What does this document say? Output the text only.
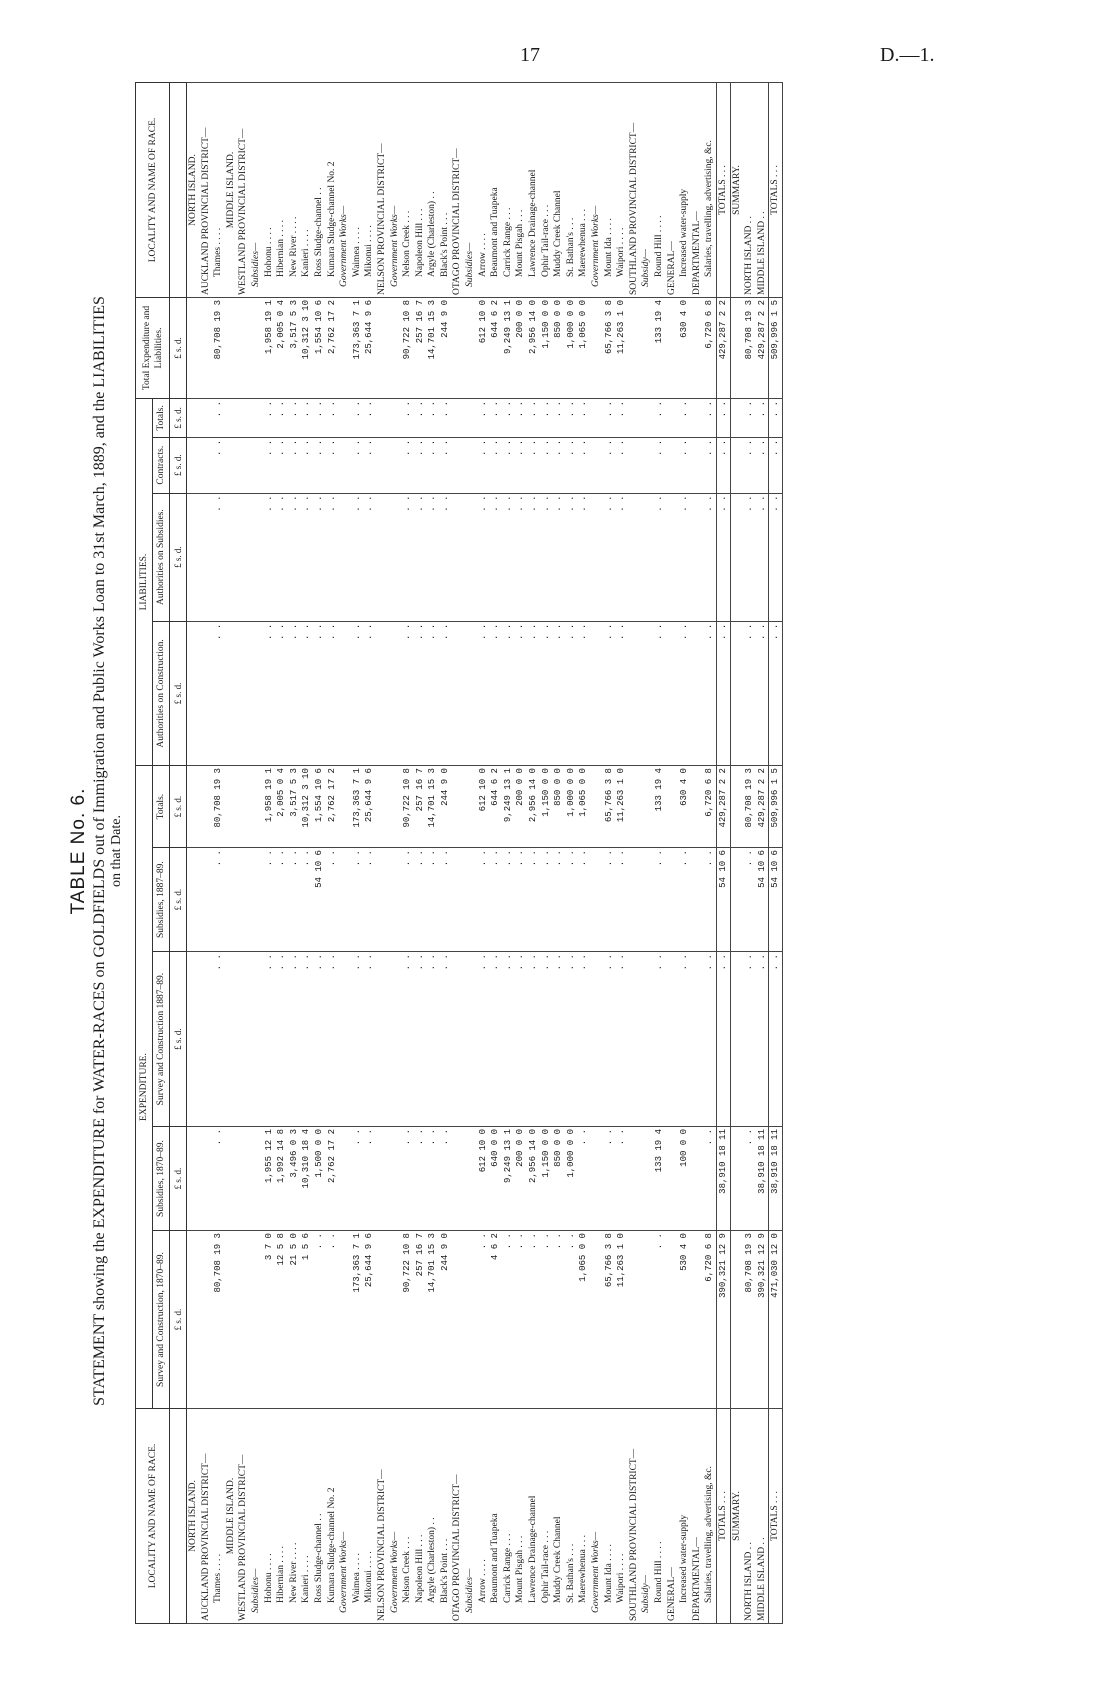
17	D.—1.
TABLE No. 6. STATEMENT showing the EXPENDITURE for WATER-RACES on GOLDFIELDS out of Immigration and Public Works Loan to 31st March, 1889, and the LIABILITIES on that Date.
LOCALITY AND NAME OF RACE.	EXPENDITURE.					LIABILITIES.				Total Expenditure and Liabilities.	LOCALITY AND NAME OF RACE.
	Survey and Construction, 1870–89.	Subsidies, 1870–89.	Survey and Construction 1887–89.	Subsidies, 1887–89.	Totals.	Authorities on Construction.	Authorities on Subsidies.	Contracts.	Totals.		
	£ s. d.	£ s. d.	£ s. d.	£ s. d.	£ s. d.	£ s. d.	£ s. d.	£ s. d.	£ s. d.	£ s. d.	
NORTH ISLAND.											NORTH ISLAND.
AUCKLAND PROVINCIAL DISTRICT—											AUCKLAND PROVINCIAL DISTRICT—
Thames . . . .	80,708 19 3	. .	. .	. .	80,708 19 3	. .	. .	. .	. .	80,708 19 3	Thames . . . .
MIDDLE ISLAND.											MIDDLE ISLAND.
WESTLAND PROVINCIAL DISTRICT—											WESTLAND PROVINCIAL DISTRICT—
Subsidies—											Subsidies—
Hohonu . . . .	3 7 0	1,955 12 1	. .	. .	1,958 19 1	. .	. .	. .	. .	1,958 19 1	Hohonu . . . .
Hibernian . . . .	12 5 8	1,992 14 8	. .	. .	2,005 0 4	. .	. .	. .	. .	2,005 0 4	Hibernian . . . .
New River . . . .	21 5 0	3,496 0 3	. .	. .	3,517 5 3	. .	. .	. .	. .	3,517 5 3	New River . . . .
Kanieri . . . .	1 5 6	10,310 18 4	. .	. .	10,312 3 10	. .	. .	. .	. .	10,312 3 10	Kanieri . . . .
Ross Sludge-channel . .	. .	1,500 0 0	. .	54 10 6	1,554 10 6	. .	. .	. .	. .	1,554 10 6	Ross Sludge-channel . .
Kumara Sludge-channel No. 2	. .	2,762 17 2	. .	. .	2,762 17 2	. .	. .	. .	. .	2,762 17 2	Kumara Sludge-channel No. 2
Government Works—											Government Works—
Waimea . . . .	173,363 7 1	. .	. .	. .	173,363 7 1	. .	. .	. .	. .	173,363 7 1	Waimea . . . .
Mikonui . . . .	25,644 9 6	. .	. .	. .	25,644 9 6	. .	. .	. .	. .	25,644 9 6	Mikonui . . . .
NELSON PROVINCIAL DISTRICT—											NELSON PROVINCIAL DISTRICT—
Government Works—											Government Works—
Nelson Creek . . .	90,722 10 8	. .	. .	. .	90,722 10 8	. .	. .	. .	. .	90,722 10 8	Nelson Creek . . .
Napoleon Hill . . .	257 16 7	. .	. .	. .	257 16 7	. .	. .	. .	. .	257 16 7	Napoleon Hill . . .
Argyle (Charleston) . .	14,701 15 3	. .	. .	. .	14,701 15 3	. .	. .	. .	. .	14,701 15 3	Argyle (Charleston) . .
Black's Point . . .	244 9 0	. .	. .	. .	244 9 0	. .	. .	. .	. .	244 9 0	Black's Point . . .
OTAGO PROVINCIAL DISTRICT—											OTAGO PROVINCIAL DISTRICT—
Subsidies—											Subsidies—
Arrow . . . .	. .	612 10 0	. .	. .	612 10 0	. .	. .	. .	. .	612 10 0	Arrow . . . .
Beaumont and Tuapeka	4 6 2	640 0 0	. .	. .	644 6 2	. .	. .	. .	. .	644 6 2	Beaumont and Tuapeka
Carrick Range . . .	. .	9,249 13 1	. .	. .	9,249 13 1	. .	. .	. .	. .	9,249 13 1	Carrick Range . . .
Mount Pisgah . . .	. .	200 0 0	. .	. .	200 0 0	. .	. .	. .	. .	200 0 0	Mount Pisgah . . .
Lawrence Drainage-channel	. .	2,956 14 0	. .	. .	2,956 14 0	. .	. .	. .	. .	2,956 14 0	Lawrence Drainage-channel
Ophir Tail-race . . .	. .	1,150 0 0	. .	. .	1,150 0 0	. .	. .	. .	. .	1,150 0 0	Ophir Tail-race . . .
Muddy Creek Channel	. .	850 0 0	. .	. .	850 0 0	. .	. .	. .	. .	850 0 0	Muddy Creek Channel
St. Bathan's . . .	. .	1,000 0 0	. .	. .	1,000 0 0	. .	. .	. .	. .	1,000 0 0	St. Bathan's . . .
Maerewhenua . . .	1,065 0 0	. .	. .	. .	1,065 0 0	. .	. .	. .	. .	1,065 0 0	Maerewhenua . . .
Government Works—											Government Works—
Mount Ida . . . .	65,766 3 8	. .	. .	. .	65,766 3 8	. .	. .	. .	. .	65,766 3 8	Mount Ida . . . .
Waipori . . . .	11,263 1 0	. .	. .	. .	11,263 1 0	. .	. .	. .	. .	11,263 1 0	Waipori . . . .
SOUTHLAND PROVINCIAL DISTRICT—											SOUTHLAND PROVINCIAL DISTRICT—
Subsidy—											Subsidy—
Round Hill . . . .	. .	133 19 4	. .	. .	133 19 4	. .	. .	. .	. .	133 19 4	Round Hill . . . .
GENERAL—											GENERAL—
Increased water-supply	530 4 0	100 0 0	. .	. .	630 4 0	. .	. .	. .	. .	630 4 0	Increased water-supply
DEPARTMENTAL—											DEPARTMENTAL—
Salaries, travelling, advertising, &c.	6,720 6 8	. .	. .	. .	6,720 6 8	. .	. .	. .	. .	6,720 6 8	Salaries, travelling, advertising, &c.
TOTALS . . .	390,321 12 9	38,910 18 11	. .	54 10 6	429,287 2 2	. .	. .	. .	. .	429,287 2 2	TOTALS . . .
SUMMARY.											SUMMARY.
NORTH ISLAND . .	80,708 19 3	. .	. .	. .	80,708 19 3	. .	. .	. .	. .	80,708 19 3	NORTH ISLAND . .
MIDDLE ISLAND . .	390,321 12 9	38,910 18 11	. .	54 10 6	429,287 2 2	. .	. .	. .	. .	429,287 2 2	MIDDLE ISLAND . .
TOTALS . . .	471,030 12 0	38,910 18 11	. .	54 10 6	509,996 1 5	. .	. .	. .	. .	509,996 1 5	TOTALS . . .
